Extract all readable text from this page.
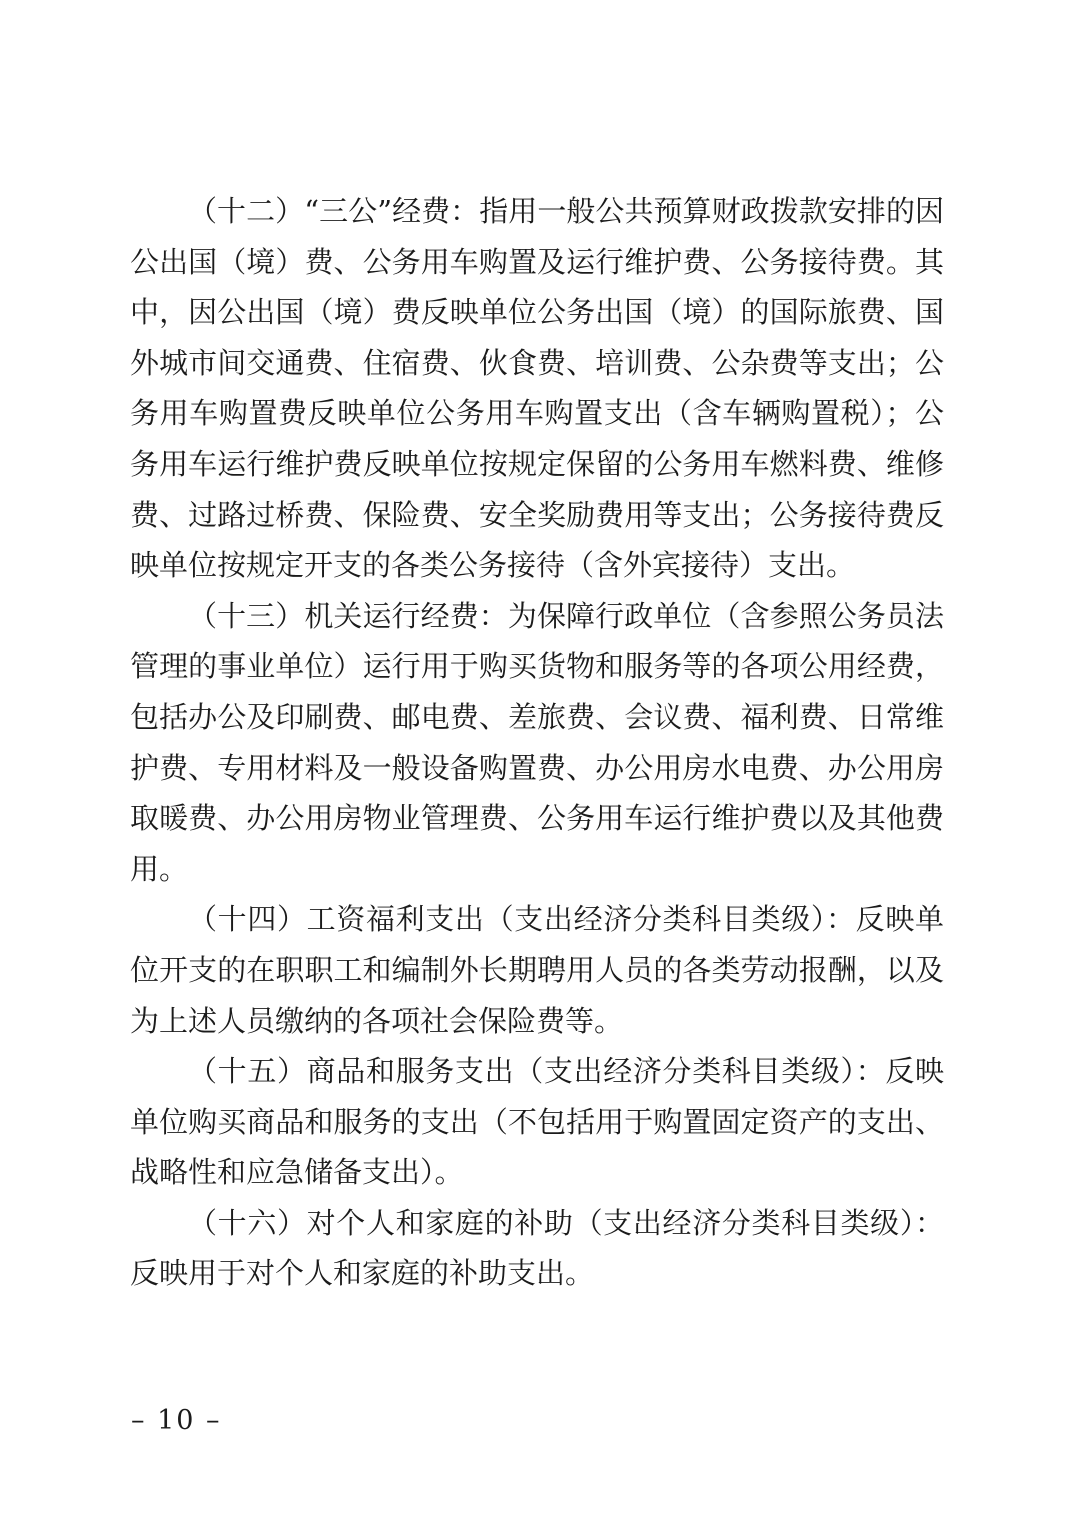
（十二）“三公”经费：指用一般公共预算财政拨款安排的因
公出国（境）费、公务用车购置及运行维护费、公务接待费。其
中，因公出国（境）费反映单位公务出国（境）的国际旅费、国
外城市间交通费、住宿费、伙食费、培训费、公杂费等支出；公
务用车购置费反映单位公务用车购置支出（含车辆购置税）；公
务用车运行维护费反映单位按规定保留的公务用车燃料费、维修
费、过路过桥费、保险费、安全奖励费用等支出；公务接待费反
映单位按规定开支的各类公务接待（含外宾接待）支出。
（十三）机关运行经费：为保障行政单位（含参照公务员法
管理的事业单位）运行用于购买货物和服务等的各项公用经费，
包括办公及印刷费、邮电费、差旅费、会议费、福利费、日常维
护费、专用材料及一般设备购置费、办公用房水电费、办公用房
取暖费、办公用房物业管理费、公务用车运行维护费以及其他费
用。
（十四）工资福利支出（支出经济分类科目类级）：反映单
位开支的在职职工和编制外长期聘用人员的各类劳动报酬，以及
为上述人员缴纳的各项社会保险费等。
（十五）商品和服务支出（支出经济分类科目类级）：反映
单位购买商品和服务的支出（不包括用于购置固定资产的支出、
战略性和应急储备支出）。
（十六）对个人和家庭的补助（支出经济分类科目类级）：
反映用于对个人和家庭的补助支出。
– 10 –
